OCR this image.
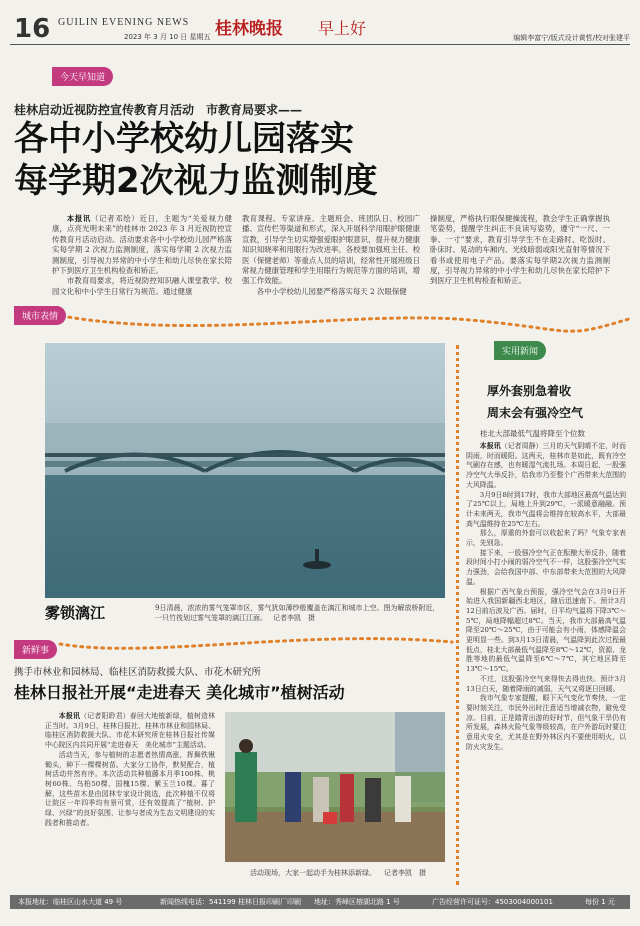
16 GUILIN EVENING NEWS 桂林晚报 早上好
2023 年 3 月 10 日 星期五	编辑李富宁/版式设计黄哲/校对张建平
今天早知道
桂林启动近视防控宣传教育月活动　市教育局要求——
各中小学校幼儿园落实
每学期2次视力监测制度

本报讯（记者邓绘）近日，主题为“关爱视力健康，点亮光明未来”的桂林市 2023 年 3 月近视防控宣传教育月活动启动。活动要求各中小学校幼儿园严格落实每学期 2 次视力监测制度，落实每学期 2 次视力监测制度，引导视力异常的中小学生和幼儿尽快在家长陪护下到医疗卫生机构检查和矫正。

市教育局要求，将近视防控知识融入课堂教学、校园文化和中小学生日常行为规范。通过健康

教育课程、专家讲座、主题班会、班团队日、校园广播、宣传栏等渠道和形式，深入开展科学用眼护眼健康宣教，引导学生切实增强爱眼护眼意识，提升视力健康知识知晓率和用眼行为改进率。各校要加强班主任、校医（保健老师）等重点人员的培训，经常性开展班级日常视力健康管理和学生用眼行为规范等方面的培训，增强工作效能。

各中小学校幼儿园要严格落实每天 2 次眼保健

操制度，严格执行眼保健操流程，教会学生正确掌握执笔姿势，提醒学生纠正不良读写姿势，遵守“一尺、一拳、一寸”要求，教育引导学生不在走路时、吃饭时、卧床时、晃动的车厢内、光线暗弱或阳光直射等情况下看书或使用电子产品。要落实每学期2次视力监测制度，引导视力异常的中小学生和幼儿尽快在家长陪护下到医疗卫生机构检查和矫正。

城市表情
雾锁漓江	9日清晨，浓浓的雾气笼罩市区，雾气犹如薄纱般覆盖在漓江和城市上空。图为解放桥附近，一只竹筏划过雾气笼罩的漓江江面。 记者李凯　摄
实用新闻
厚外套别急着收
周末会有强冷空气
桂北大部最低气温将降至个位数

本报讯（记者周静）三月的天气阴晴不定，时而阴雨，时而暖阳。这两天，桂林市是如此，既有冷空气刷存在感，也有暖湿气流扎场。本周日起，一股强冷空气大举反扑，给我市乃至整个广西带来大范围的大风降温。

3月9日8时到17时，我市大部地区最高气温达到了25℃以上，局地上升到29℃，一派暖意融融。预计未来两天，我市气温将会维持在较高水平，大部最高气温维持在25℃左右。

那么，厚重的外套可以收起来了吗？气象专家表示，先别急。

接下来，一股强冷空气正在酝酿大举反扑，随着段时间小打小闹的弱冷空气不一样，这股强冷空气实力强劲，会给我国中部、中东部带来大范围的大风降温。

根据广西气象台预报，强冷空气会在3月9日开始进入我国新疆西北地区，随后迅速南下。预计3月12日前后波及广西。届时，日平均气温将下降3℃～5℃，局地降幅超过8℃。当天，我市大部最高气温降至20℃～25℃，由于可能会有小雨，体感降温会更明显一些。到3月13日清晨，气温降到此次过程最低点，桂北大部最低气温降至8℃～12℃，资源、龙胜等地的最低气温降至6℃～7℃，其它地区降至13℃～15℃。

不过，这股强冷空气来得快去得也快。预计3月13日白天，随着降雨的减弱，天气又将逐日回暖。

我市气象专家提醒，眼下天气变化节奏快，一定要时刻关注，市民外出时注意适当增减衣物，避免受凉。目前，正是踏青出游的好时节，但气象干旱仍有所发展，森林火险气象等级较高，在户外游玩时要注意用火安全，尤其是在野外林区内不要使用明火，以防火灾发生。

新鲜事
携手市林业和园林局、临桂区消防救援大队、市花木研究所
桂林日报社开展“走进春天 美化城市”植树活动

本报讯（记者阳聆君）春回大地植新绿，植树造林正当时。3月9日，桂林日报社、桂林市林业和园林局、临桂区消防救援大队、市花木研究所在桂林日报社传媒中心院区内共同开展“走进春天　美化城市”主题活动。

活动当天，参与植树的志愿者热情高涨，挥舞铁锹锄头，种下一棵棵树苗。大家分工协作，默契配合，植树活动井然有序。本次活动共种植藤本月季100株、桃树60株、乌桕50棵、国槐15棵、紫玉兰10棵。暮了解，这些苗木是由园林专家设计挑选，此次种植不仅将让院区一年四季均有景可赏，还有效提高了“植树、护绿、兴绿”的良好氛围，让参与者成为生态文明建设的实践者和推动者。

活动现场，大家一起动手为桂林添新绿。 记者李凯　摄
本报地址：临桂区山水大道 49 号	新闻热线电话：541199 桂林日报印刷厂印刷 地址：秀峰区榕湖北路 1 号	广告经营许可证号：4503004000101	每份 1 元
